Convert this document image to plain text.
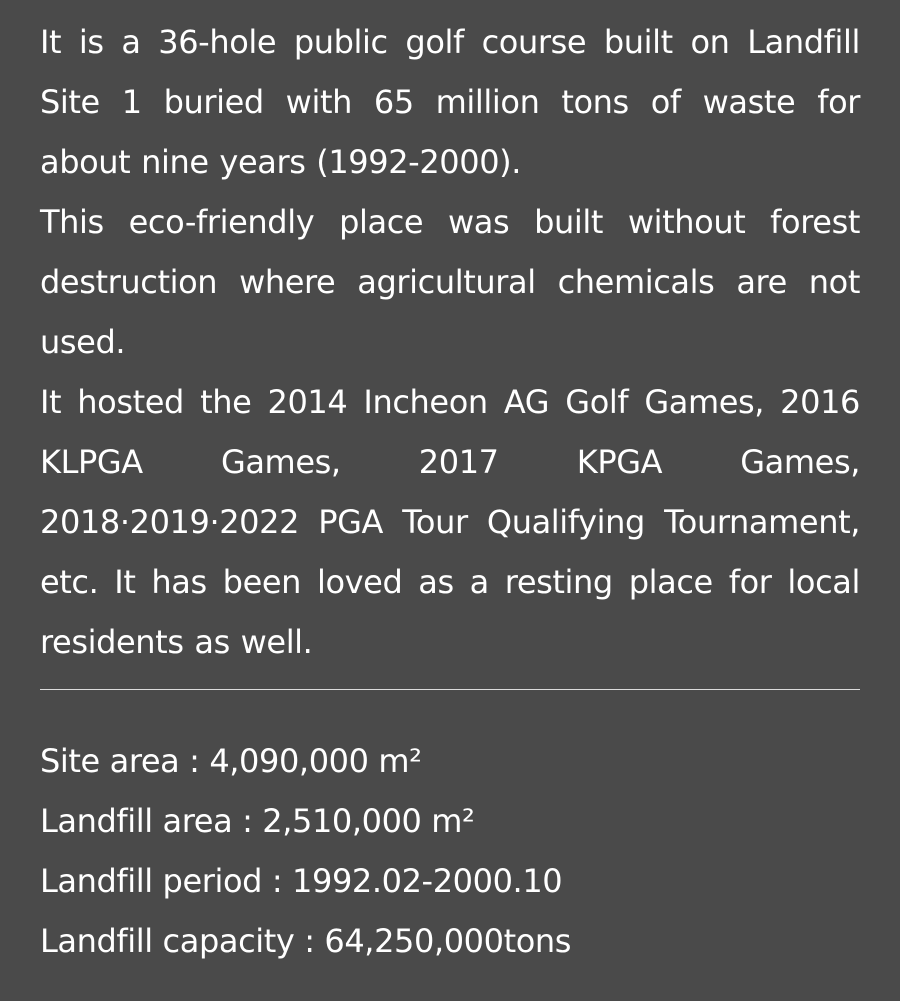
It is a 36-hole public golf course built on Landfill Site 1 buried with 65 million tons of waste for about nine years (1992-2000).

This eco-friendly place was built without forest destruction where agricultural chemicals are not used.

It hosted the 2014 Incheon AG Golf Games, 2016 KLPGA Games, 2017 KPGA Games, 2018·2019·2022 PGA Tour Qualifying Tournament, etc. It has been loved as a resting place for local residents as well.

Site area : 4,090,000 m²
Landfill area : 2,510,000 m²
Landfill period : 1992.02-2000.10
Landfill capacity : 64,250,000tons
